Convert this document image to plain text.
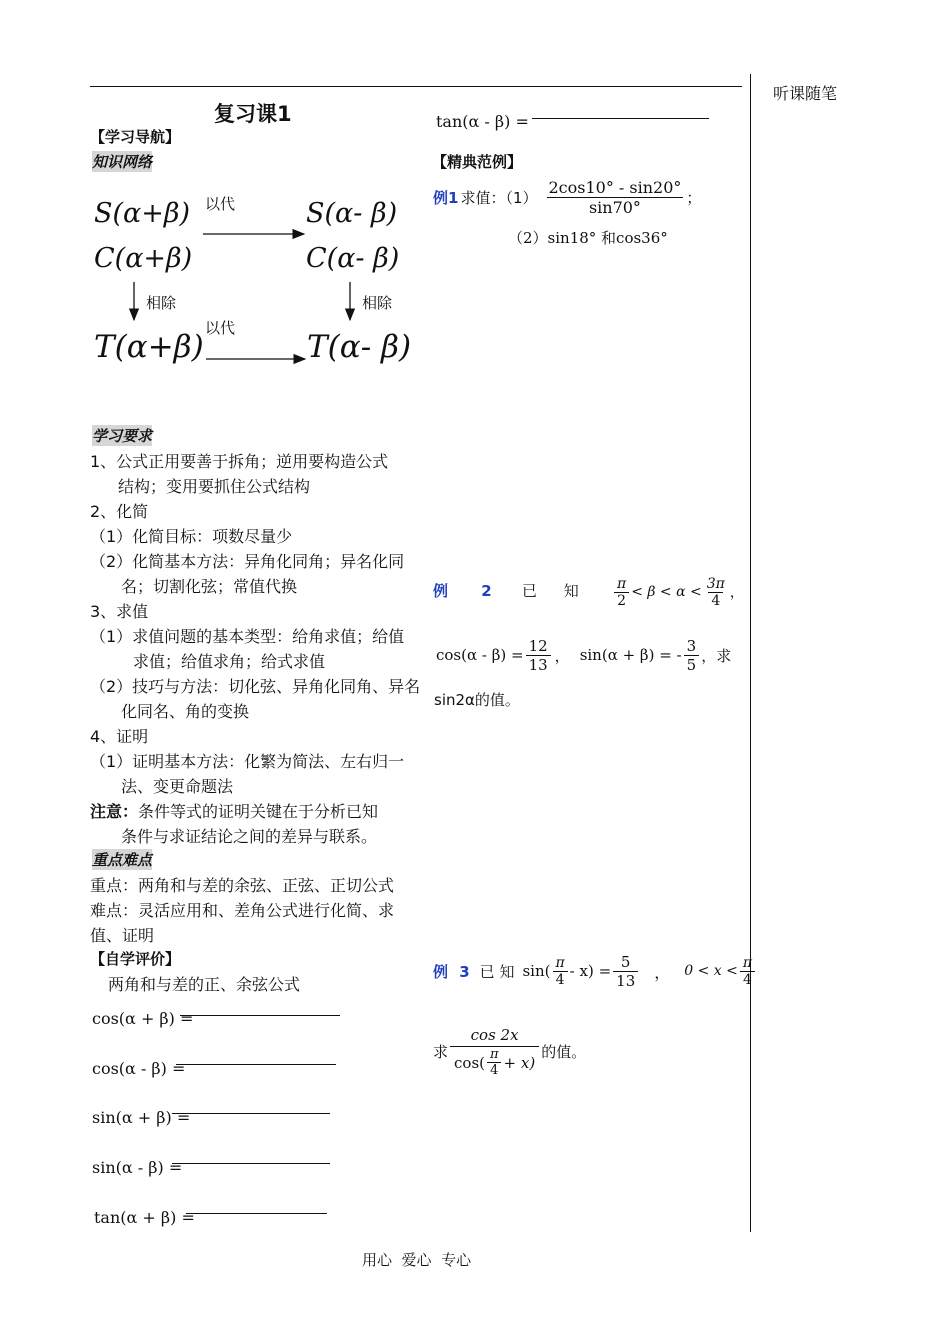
听课随笔
复习课1
【学习导航】
知识网络
S(α+β)	S(α- β)
C(α+β)	C(α- β)
T(α+β)	T(α- β)
以代
以代
相除	相除
学习要求
1、公式正用要善于拆角；逆用要构造公式
结构；变用要抓住公式结构
2、化简
（1）化简目标：项数尽量少
（2）化简基本方法：异角化同角；异名化同
名；切割化弦；常值代换
3、求值
（1）求值问题的基本类型：给角求值；给值
求值；给值求角；给式求值
（2）技巧与方法：切化弦、异角化同角、异名
化同名、角的变换
4、证明
（1）证明基本方法：化繁为简法、左右归一
法、变更命题法
注意： 条件等式的证明关键在于分析已知
条件与求证结论之间的差异与联系。
重点难点
重点：两角和与差的余弦、正弦、正切公式
难点：灵活应用和、差角公式进行化简、求
值、证明
【自学评价】
两角和与差的正、余弦公式
cos(α + β) =
cos(α - β) =
sin(α + β) =
sin(α - β) =
tan(α + β) =
tan(α - β) =
【精典范例】
例1 求值：$(1) \frac{2\cos 10^\circ - \sin 20^\circ}{\sin 70^\circ}$ ；
（2）sin18° 和cos36°
例 2 已 知	$\frac{\pi}{2} < \beta < \alpha < \frac{3\pi}{4}$ ，
$\cos(\alpha - \beta) = \frac{12}{13}$ ， sin(α + β) = - $\frac{3}{5}$ ，求
sin2α的值。
例 3 已 知 $\sin( \frac{\pi}{4} - x) = \frac{5}{13}$ ， $0 < x < \frac{\pi}{4}$
求 $\frac{\cos 2x}{\cos( \frac{\pi}{4} + x)}$ 的值。
用心  爱心  专心
